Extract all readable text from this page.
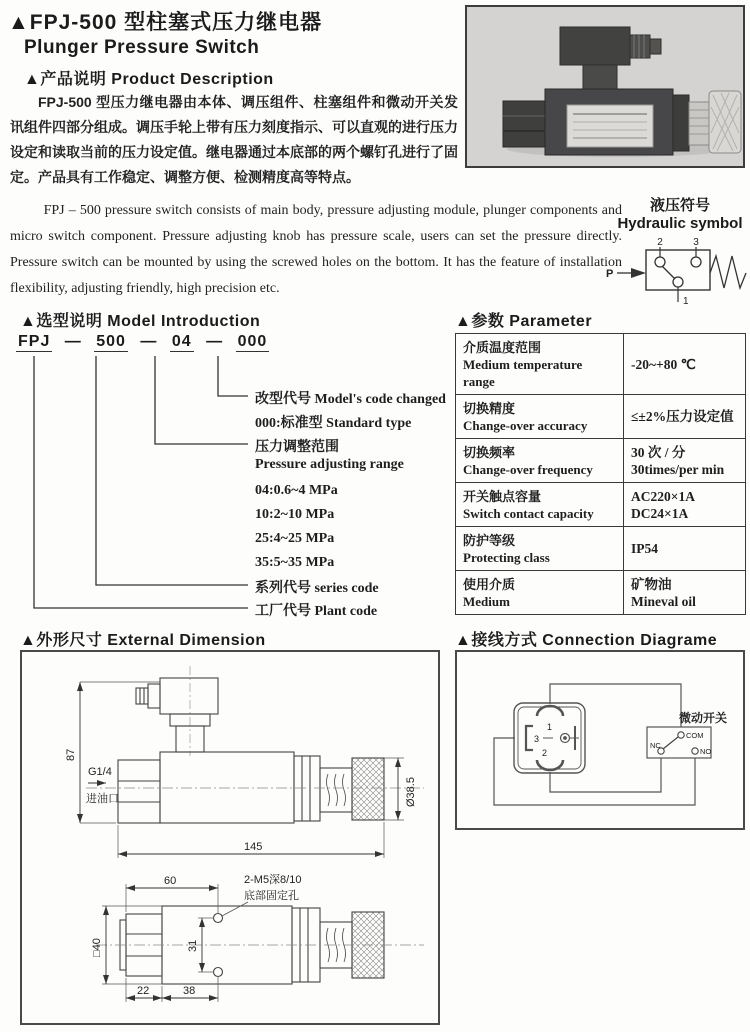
▲FPJ-500 型柱塞式压力继电器
Plunger Pressure Switch
▲产品说明 Product Description
FPJ-500 型压力继电器由本体、调压组件、柱塞组件和微动开关发讯组件四部分组成。调压手轮上带有压力刻度指示、可以直观的进行压力设定和读取当前的压力设定值。继电器通过本底部的两个螺钉孔进行了固定。产品具有工作稳定、调整方便、检测精度高等特点。
FPJ – 500 pressure switch consists of main body, pressure adjusting module, plunger components and micro switch component. Pressure adjusting knob has pressure scale, users can set the pressure directly. Pressure switch can be mounted by using the screwed holes on the bottom. It has the feature of installation flexibility, adjusting friendly, high precision etc.
液压符号
Hydraulic symbol
2	3
1
P
▲选型说明 Model Introduction
FPJ — 500 — 04 — 000
改型代号 Model's code changed
000:标准型 Standard type
压力调整范围
Pressure adjusting range
04:0.6~4 MPa
10:2~10 MPa
25:4~25 MPa
35:5~35 MPa
系列代号 series code
工厂代号 Plant code
▲参数 Parameter
介质温度范围
Medium temperature range	-20~+80 ℃

切换精度
Change-over accuracy	≤±2%压力设定值

切换频率
Change-over frequency	30 次 / 分
30times/per min

开关触点容量
Switch contact capacity	AC220×1A
DC24×1A

防护等级
Protecting class	IP54

使用介质
Medium	矿物油
Mineval oil
▲外形尺寸 External Dimension
87
G1/4
进油口	Ø38.5
145
60	2-M5深8/10
底部固定孔
□40	31
22	38
▲接线方式 Connection Diagrame
1
2
3
微动开关
COM
NC
NO
